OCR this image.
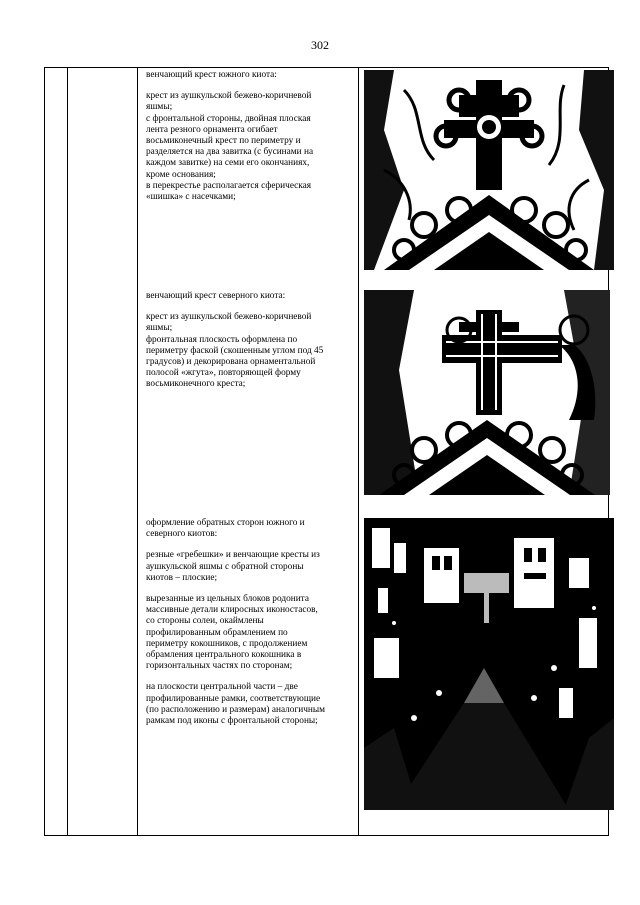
302

венчающий крест южного киота:

крест из аушкульской бежево-коричневой
яшмы;
с фронтальной стороны, двойная плоская
лента резного орнамента огибает
восьмиконечный крест по периметру и
разделяется на два завитка (с бусинами на
каждом завитке) на семи его окончаниях,
кроме основания;
в перекрестье располагается сферическая
«шишка» с насечками;

венчающий крест северного киота:

крест из аушкульской бежево-коричневой
яшмы;
фронтальная плоскость оформлена по
периметру фаской (скошенным углом под 45
градусов) и декорирована орнаментальной
полосой «жгута», повторяющей форму
восьмиконечного креста;

оформление обратных сторон южного и
северного киотов:

резные «гребешки» и венчающие кресты из
аушкульской яшмы с обратной стороны
киотов – плоские;

вырезанные из цельных блоков родонита
массивные детали клиросных иконостасов,
со стороны солеи, окаймлены
профилированным обрамлением по
периметру кокошников, с продолжением
обрамления центрального кокошника в
горизонтальных частях по сторонам;

на плоскости центральной части – две
профилированные рамки, соответствующие
(по расположению и размерам) аналогичным
рамкам под иконы с фронтальной стороны;
